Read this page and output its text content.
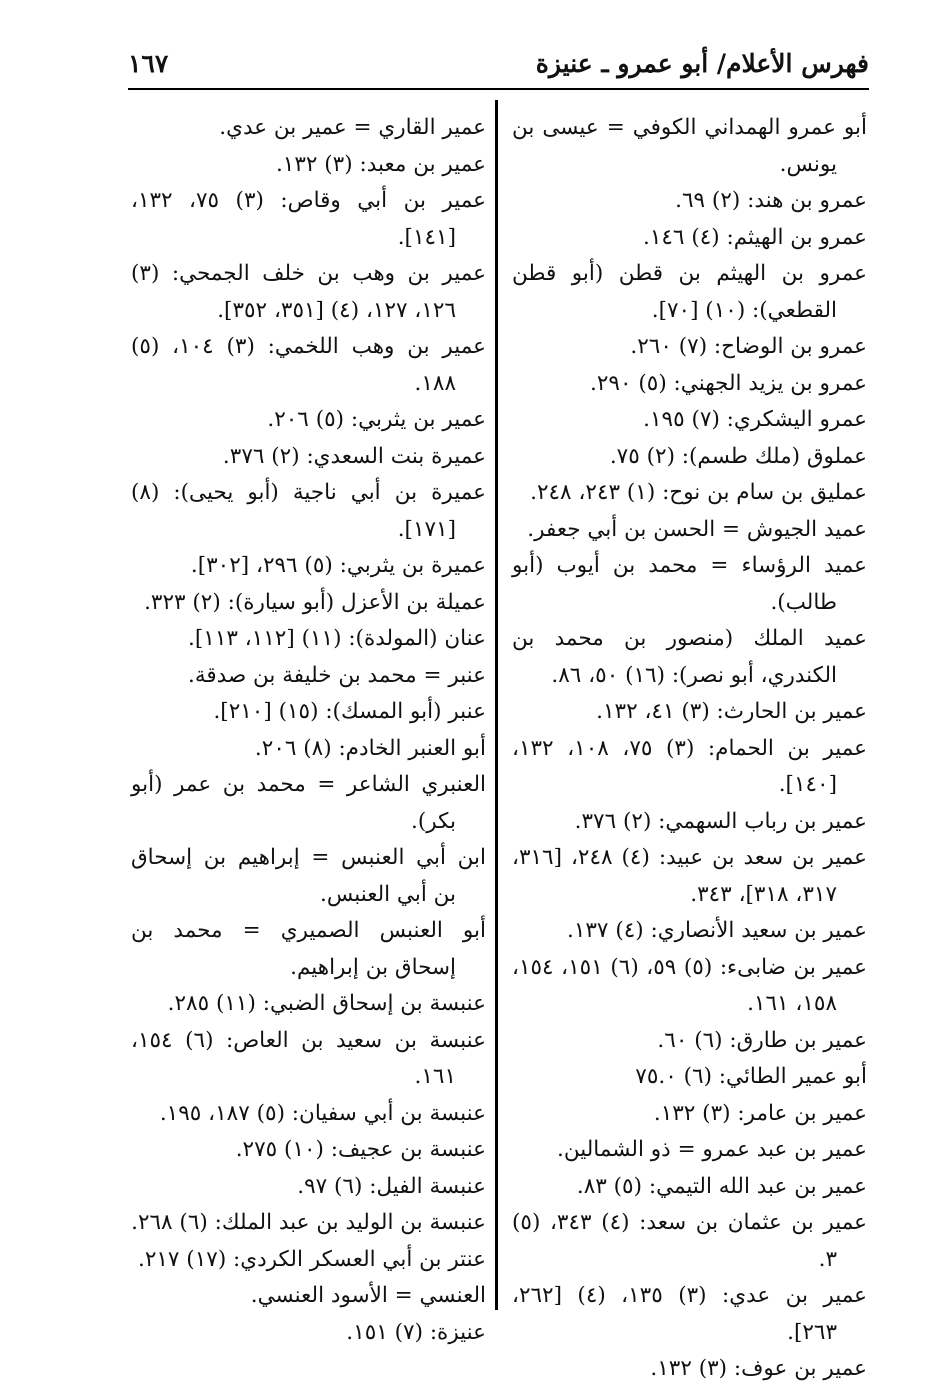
فهرس الأعلام/ أبو عمرو ـ عنيزة
١٦٧
أبو عمرو الهمداني الكوفي = عيسى بن يونس.
عمرو بن هند: (٢) ٦٩.
عمرو بن الهيثم: (٤) ١٤٦.
عمرو بن الهيثم بن قطن (أبو قطن القطعي): (١٠) [٧٠].
عمرو بن الوضاح: (٧) ٢٦٠.
عمرو بن يزيد الجهني: (٥) ٢٩٠.
عمرو اليشكري: (٧) ١٩٥.
عملوق (ملك طسم): (٢) ٧٥.
عمليق بن سام بن نوح: (١) ٢٤٣، ٢٤٨.
عميد الجيوش = الحسن بن أبي جعفر.
عميد الرؤساء = محمد بن أيوب (أبو طالب).
عميد الملك (منصور بن محمد بن الكندري، أبو نصر): (١٦) ٥٠، ٨٦.
عمير بن الحارث: (٣) ٤١، ١٣٢.
عمير بن الحمام: (٣) ٧٥، ١٠٨، ١٣٢، [١٤٠].
عمير بن رباب السهمي: (٢) ٣٧٦.
عمير بن سعد بن عبيد: (٤) ٢٤٨، [٣١٦، ٣١٧، ٣١٨]، ٣٤٣.
عمير بن سعيد الأنصاري: (٤) ١٣٧.
عمير بن ضابىء: (٥) ٥٩، (٦) ١٥١، ١٥٤، ١٥٨، ١٦١.
عمير بن طارق: (٦) ٦٠.
أبو عمير الطائي: (٦) ٧٥.٠
عمير بن عامر: (٣) ١٣٢.
عمير بن عبد عمرو = ذو الشمالين.
عمير بن عبد الله التيمي: (٥) ٨٣.
عمير بن عثمان بن سعد: (٤) ٣٤٣، (٥) ٣.
عمير بن عدي: (٣) ١٣٥، (٤) [٢٦٢، ٢٦٣].
عمير بن عوف: (٣) ١٣٢.
عمير القاري = عمير بن عدي.
عمير بن معبد: (٣) ١٣٢.
عمير بن أبي وقاص: (٣) ٧٥، ١٣٢، [١٤١].
عمير بن وهب بن خلف الجمحي: (٣) ١٢٦، ١٢٧، (٤) [٣٥١، ٣٥٢].
عمير بن وهب اللخمي: (٣) ١٠٤، (٥) ١٨٨.
عمير بن يثربي: (٥) ٢٠٦.
عميرة بنت السعدي: (٢) ٣٧٦.
عميرة بن أبي ناجية (أبو يحيى): (٨) [١٧١].
عميرة بن يثربي: (٥) ٢٩٦، [٣٠٢].
عميلة بن الأعزل (أبو سيارة): (٢) ٣٢٣.
عنان (المولدة): (١١) [١١٢، ١١٣].
عنبر = محمد بن خليفة بن صدقة.
عنبر (أبو المسك): (١٥) [٢١٠].
أبو العنبر الخادم: (٨) ٢٠٦.
العنبري الشاعر = محمد بن عمر (أبو بكر).
ابن أبي العنبس = إبراهيم بن إسحاق بن أبي العنبس.
أبو العنبس الصميري = محمد بن إسحاق بن إبراهيم.
عنبسة بن إسحاق الضبي: (١١) ٢٨٥.
عنبسة بن سعيد بن العاص: (٦) ١٥٤، ١٦١.
عنبسة بن أبي سفيان: (٥) ١٨٧، ١٩٥.
عنبسة بن عجيف: (١٠) ٢٧٥.
عنبسة الفيل: (٦) ٩٧.
عنبسة بن الوليد بن عبد الملك: (٦) ٢٦٨.
عنتر بن أبي العسكر الكردي: (١٧) ٢١٧.
العنسي = الأسود العنسي.
عنيزة: (٧) ١٥١.
